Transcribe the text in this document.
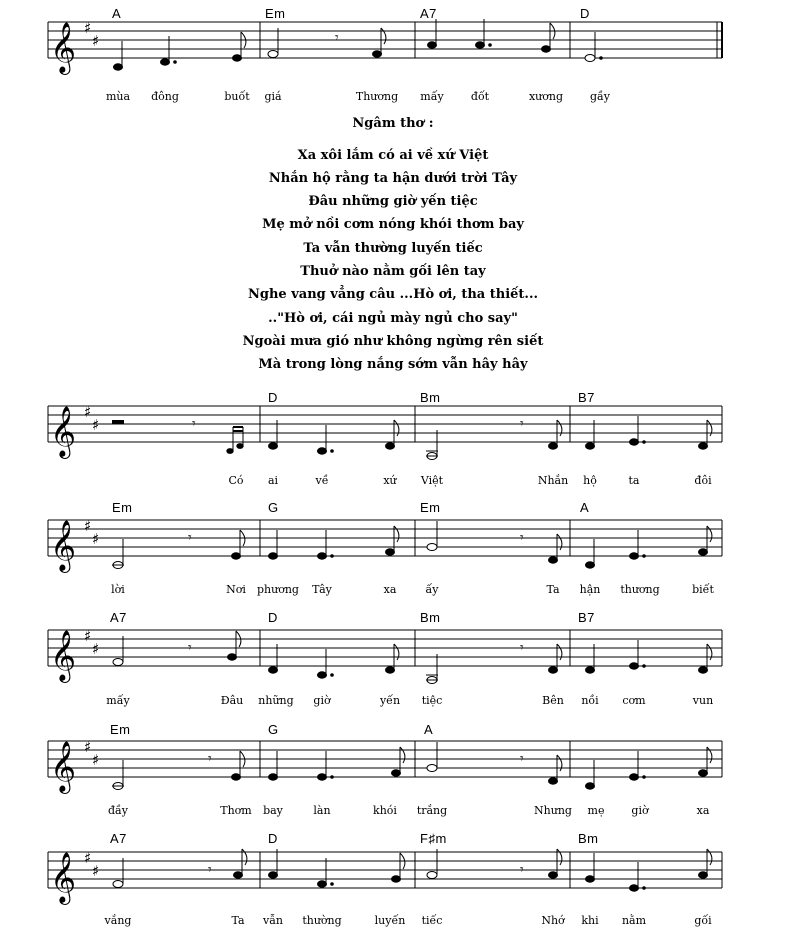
𝄞 ♯
♯	𝄾
A	Em	A7	D
mùa đông	buốt giá	Thương mấy đốt	xương gầy
Ngâm thơ :
Xa xôi lắm có ai về xứ Việt
Nhắn hộ rằng ta hận dưới trời Tây
Đâu những giờ yến tiệc
Mẹ mở nồi cơm nóng khói thơm bay
Ta vẫn thường luyến tiếc
Thuở nào nằm gối lên tay
Nghe vang vẳng câu ...Hò ơi, tha thiết...
.."Hò ơi, cái ngủ mày ngủ cho say"
Ngoài mưa gió như không ngừng rên siết
Mà trong lòng nắng sớm vẫn hây hây
𝄞 ♯
♯	𝄾	𝄾
D	Bm	B7
Có ai	về	xứ Việt	Nhắn hộ	ta	đôi
𝄞 ♯
♯	𝄾	𝄾
Em	G	Em	A
lời	Nơi phương Tây	xa	ấy	Ta hận thương	biết
𝄞 ♯
♯	𝄾	𝄾
A7	D	Bm	B7
mấy	Đâu những giờ	yến tiệc	Bên nồi cơm	vun
𝄞 ♯
♯	𝄾	𝄾
Em	G	A
đầy	Thơm bay	làn	khói trắng	Nhưng mẹ giờ	xa
𝄞 ♯
♯	𝄾	𝄾
A7	D	F♯m	Bm
vắng	Ta vẫn thường	luyến tiếc	Nhớ khi nằm	gối
